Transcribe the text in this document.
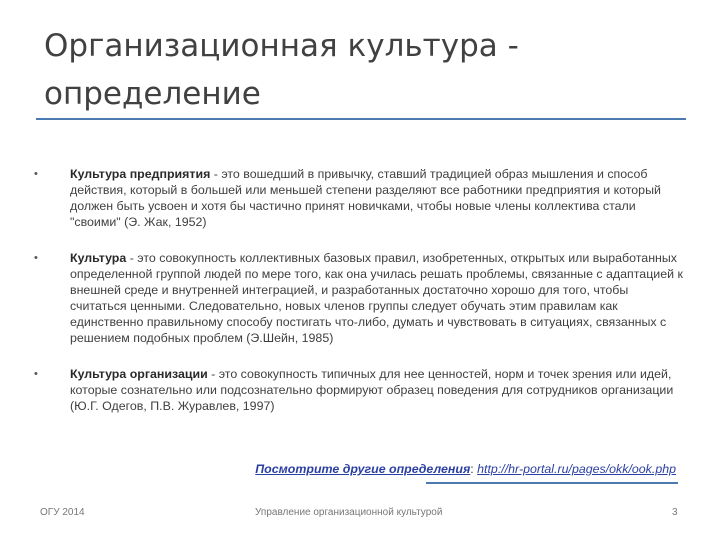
Организационная культура -
определение
•	Культура предприятия - это вошедший в привычку, ставший традицией образ мышления и способ действия, который в большей или меньшей степени разделяют все работники предприятия и который должен быть усвоен и хотя бы частично принят новичками, чтобы новые члены коллектива стали "своими" (Э. Жак, 1952)
•	Культура - это совокупность коллективных базовых правил, изобретенных, открытых или выработанных определенной группой людей по мере того, как она училась решать проблемы, связанные с адаптацией к внешней среде и внутренней интеграцией, и разработанных достаточно хорошо для того, чтобы считаться ценными. Следовательно, новых членов группы следует обучать этим правилам как единственно правильному способу постигать что-либо, думать и чувствовать в ситуациях, связанных с решением подобных проблем (Э.Шейн, 1985)
•	Культура организации - это совокупность типичных для нее ценностей, норм и точек зрения или идей, которые сознательно или подсознательно формируют образец поведения для сотрудников организации (Ю.Г. Одегов, П.В. Журавлев, 1997)
Посмотрите другие определения: http://hr-portal.ru/pages/okk/ook.php
ОГУ 2014	Управление организационной культурой	3
